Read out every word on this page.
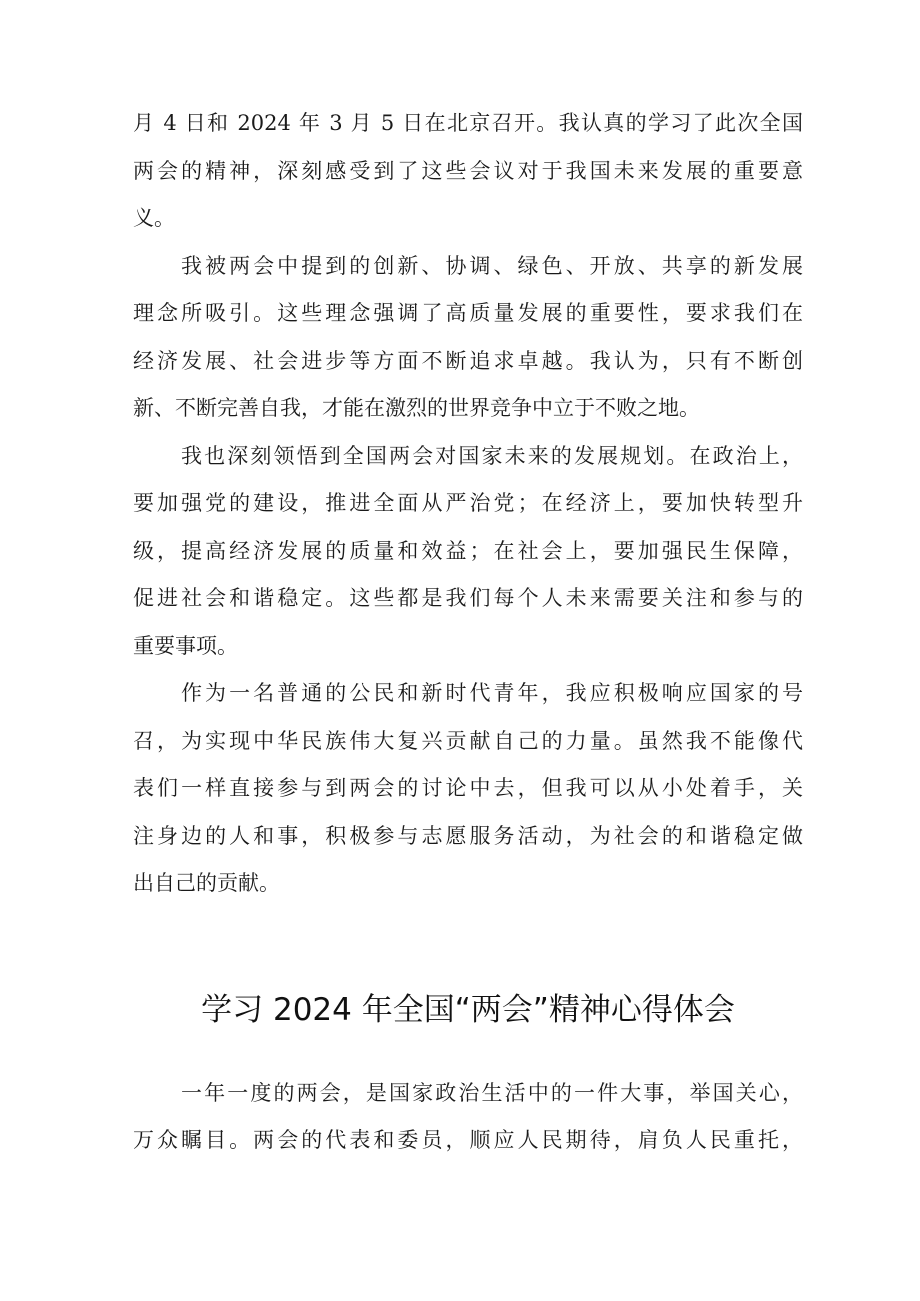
月 4 日和 2024 年 3 月 5 日在北京召开。我认真的学习了此次全国
两会的精神，深刻感受到了这些会议对于我国未来发展的重要意
义。
我被两会中提到的创新、协调、绿色、开放、共享的新发展
理念所吸引。这些理念强调了高质量发展的重要性，要求我们在
经济发展、社会进步等方面不断追求卓越。我认为，只有不断创
新、不断完善自我，才能在激烈的世界竞争中立于不败之地。
我也深刻领悟到全国两会对国家未来的发展规划。在政治上，
要加强党的建设，推进全面从严治党；在经济上，要加快转型升
级，提高经济发展的质量和效益；在社会上，要加强民生保障，
促进社会和谐稳定。这些都是我们每个人未来需要关注和参与的
重要事项。
作为一名普通的公民和新时代青年，我应积极响应国家的号
召，为实现中华民族伟大复兴贡献自己的力量。虽然我不能像代
表们一样直接参与到两会的讨论中去，但我可以从小处着手，关
注身边的人和事，积极参与志愿服务活动，为社会的和谐稳定做
出自己的贡献。
学习 2024 年全国“两会”精神心得体会
一年一度的两会，是国家政治生活中的一件大事，举国关心，
万众瞩目。两会的代表和委员，顺应人民期待，肩负人民重托，
